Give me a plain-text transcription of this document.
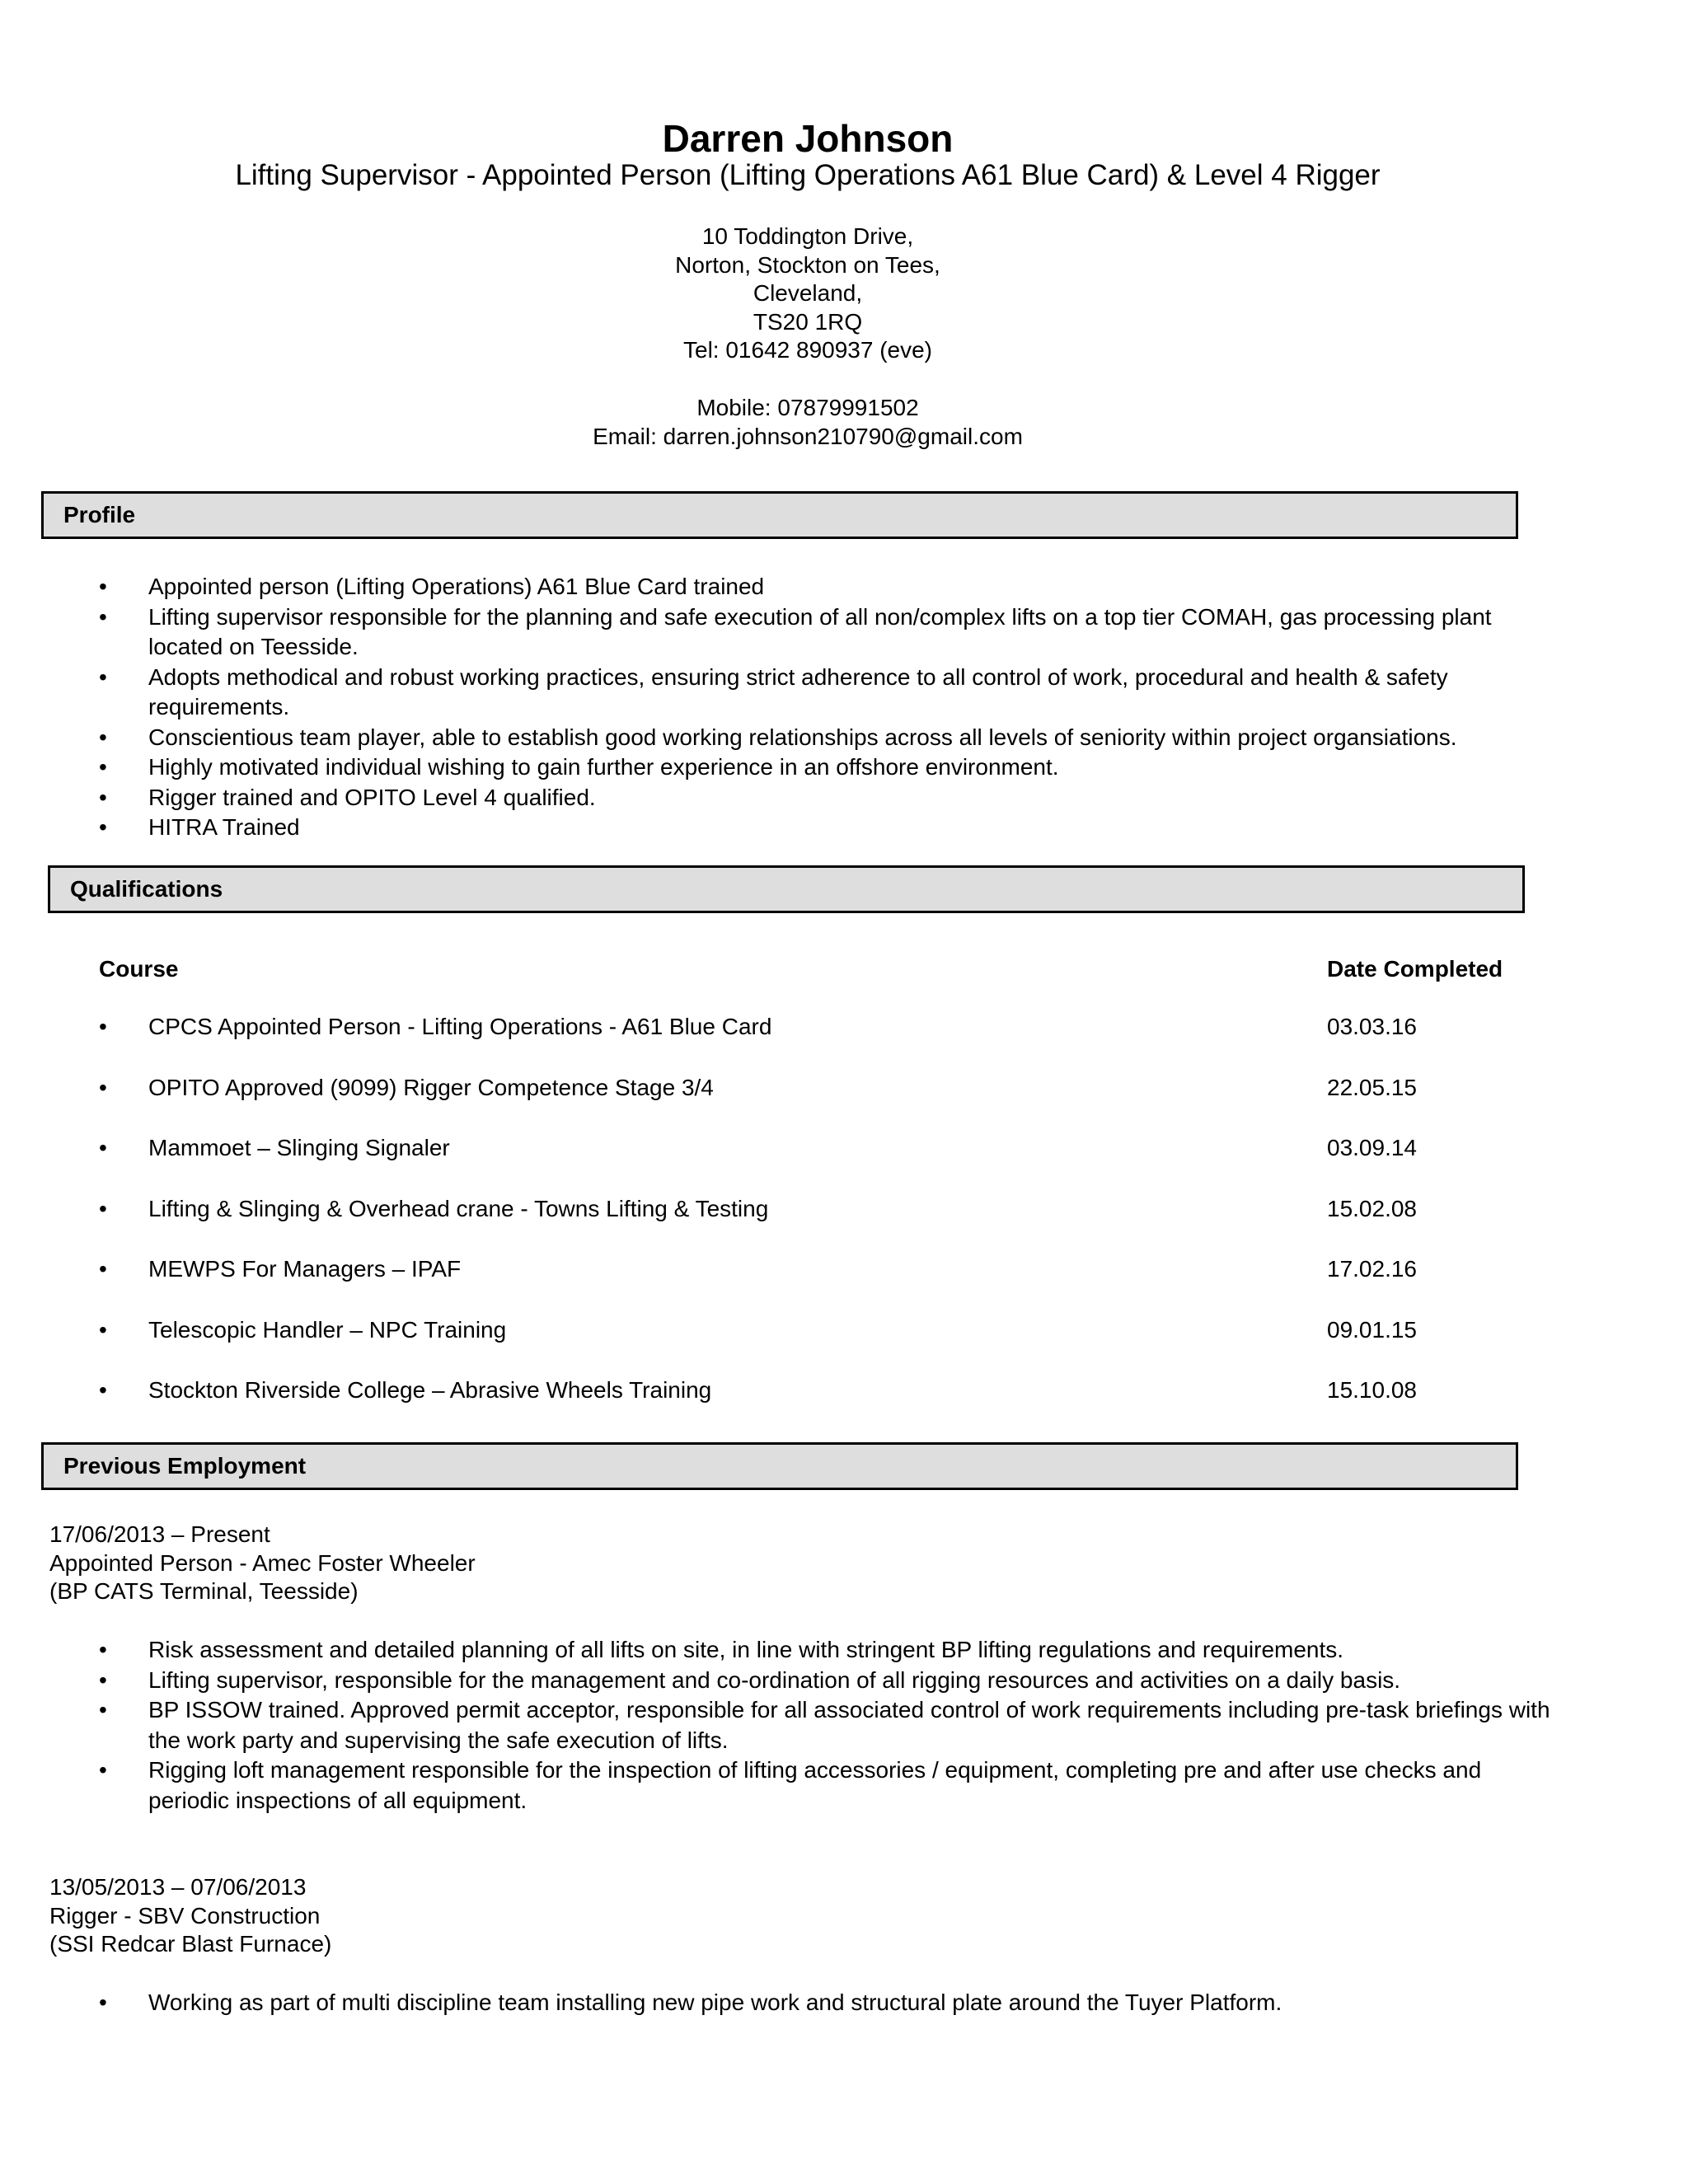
Darren Johnson
Lifting Supervisor - Appointed Person (Lifting Operations A61 Blue Card) & Level 4 Rigger
10 Toddington Drive,
Norton, Stockton on Tees,
Cleveland,
TS20 1RQ
Tel: 01642 890937 (eve)
Mobile: 07879991502
Email: darren.johnson210790@gmail.com
Profile
• Appointed person (Lifting Operations) A61 Blue Card trained
• Lifting supervisor responsible for the planning and safe execution of all non/complex lifts on a top tier COMAH, gas processing plant located on Teesside.
• Adopts methodical and robust working practices, ensuring strict adherence to all control of work, procedural and health & safety requirements.
• Conscientious team player, able to establish good working relationships across all levels of seniority within project organsiations.
• Highly motivated individual wishing to gain further experience in an offshore environment.
• Rigger trained and OPITO Level 4 qualified.
• HITRA Trained
Qualifications
Course	Date Completed
• CPCS Appointed Person - Lifting Operations - A61 Blue Card	03.03.16
• OPITO Approved (9099) Rigger Competence Stage 3/4	22.05.15
• Mammoet – Slinging Signaler	03.09.14
• Lifting & Slinging & Overhead crane - Towns Lifting & Testing	15.02.08
• MEWPS For Managers – IPAF	17.02.16
• Telescopic Handler – NPC Training	09.01.15
• Stockton Riverside College – Abrasive Wheels Training	15.10.08
Previous Employment
17/06/2013 – Present
Appointed Person - Amec Foster Wheeler
(BP CATS Terminal, Teesside)
• Risk assessment and detailed planning of all lifts on site, in line with stringent BP lifting regulations and requirements.
• Lifting supervisor, responsible for the management and co-ordination of all rigging resources and activities on a daily basis.
• BP ISSOW trained. Approved permit acceptor, responsible for all associated control of work requirements including pre-task briefings with the work party and supervising the safe execution of lifts.
• Rigging loft management responsible for the inspection of lifting accessories / equipment, completing pre and after use checks and periodic inspections of all equipment.
13/05/2013 – 07/06/2013
Rigger - SBV Construction
(SSI Redcar Blast Furnace)
• Working as part of multi discipline team installing new pipe work and structural plate around the Tuyer Platform.
